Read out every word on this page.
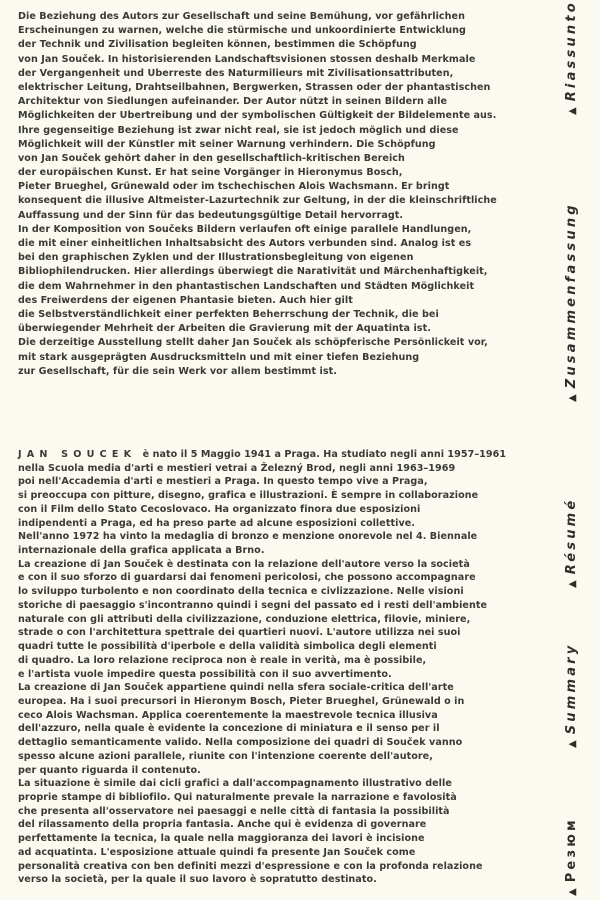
Die Beziehung des Autors zur Gesellschaft und seine Bemühung, vor gefährlichen
Erscheinungen zu warnen, welche die stürmische und unkoordinierte Entwicklung
der Technik und Zivilisation begleiten können, bestimmen die Schöpfung
von Jan Souček. In historisierenden Landschaftsvisionen stossen deshalb Merkmale
der Vergangenheit und Uberreste des Naturmilieurs mit Zivilisationsattributen,
elektrischer Leitung, Drahtseilbahnen, Bergwerken, Strassen oder der phantastischen
Architektur von Siedlungen aufeinander. Der Autor nützt in seinen Bildern alle
Möglichkeiten der Ubertreibung und der symbolischen Gültigkeit der Bildelemente aus.
Ihre gegenseitige Beziehung ist zwar nicht real, sie ist jedoch möglich und diese
Möglichkeit will der Künstler mit seiner Warnung verhindern. Die Schöpfung
von Jan Souček gehört daher in den gesellschaftlich-kritischen Bereich
der europäischen Kunst. Er hat seine Vorgänger in Hieronymus Bosch,
Pieter Brueghel, Grünewald oder im tschechischen Alois Wachsmann. Er bringt
konsequent die illusive Altmeister-Lazurtechnik zur Geltung, in der die kleinschriftliche
Auffassung und der Sinn für das bedeutungsgültige Detail hervorragt.
In der Komposition von Součeks Bildern verlaufen oft einige parallele Handlungen,
die mit einer einheitlichen Inhaltsabsicht des Autors verbunden sind. Analog ist es
bei den graphischen Zyklen und der Illustrationsbegleitung von eigenen
Bibliophilendrucken. Hier allerdings überwiegt die Narativität und Märchenhaftigkeit,
die dem Wahrnehmer in den phantastischen Landschaften und Städten Möglichkeit
des Freiwerdens der eigenen Phantasie bieten. Auch hier gilt
die Selbstverständlichkeit einer perfekten Beherrschung der Technik, die bei
überwiegender Mehrheit der Arbeiten die Gravierung mit der Aquatinta ist.
Die derzeitige Ausstellung stellt daher Jan Souček als schöpferische Persönlickeit vor,
mit stark ausgeprägten Ausdrucksmitteln und mit einer tiefen Beziehung
zur Gesellschaft, für die sein Werk vor allem bestimmt ist.
JAN SOUCEK è nato il 5 Maggio 1941 a Praga. Ha studiato negli anni 1957–1961
nella Scuola media d'arti e mestieri vetrai a Železný Brod, negli anni 1963–1969
poi nell'Accademia d'arti e mestieri a Praga. In questo tempo vive a Praga,
si preoccupa con pitture, disegno, grafica e illustrazioni. È sempre in collaborazione
con il Film dello Stato Cecoslovaco. Ha organizzato finora due esposizioni
indipendenti a Praga, ed ha preso parte ad alcune esposizioni collettive.
Nell'anno 1972 ha vinto la medaglia di bronzo e menzione onorevole nel 4. Biennale
internazionale della grafica applicata a Brno.
La creazione di Jan Souček è destinata con la relazione dell'autore verso la società
e con il suo sforzo di guardarsi dai fenomeni pericolosi, che possono accompagnare
lo sviluppo turbolento e non coordinato della tecnica e civlizzazione. Nelle visioni
storiche di paesaggio s'incontranno quindi i segni del passato ed i resti dell'ambiente
naturale con gli attributi della civilizzazione, conduzione elettrica, filovie, miniere,
strade o con l'architettura spettrale dei quartieri nuovi. L'autore utilizza nei suoi
quadri tutte le possibilità d'iperbole e della validità simbolica degli elementi
di quadro. La loro relazione reciproca non è reale in verità, ma è possibile,
e l'artista vuole impedire questa possibilità con il suo avvertimento.
La creazione di Jan Souček appartiene quindi nella sfera sociale-critica dell'arte
europea. Ha i suoi precursori in Hieronym Bosch, Pieter Brueghel, Grünewald o in
ceco Alois Wachsman. Applica coerentemente la maestrevole tecnica illusiva
dell'azzuro, nella quale è evidente la concezione di miniatura e il senso per il
dettaglio semanticamente valido. Nella composizione dei quadri di Souček vanno
spesso alcune azioni parallele, riunite con l'intenzione coerente dell'autore,
per quanto riguarda il contenuto.
La situazione è simile dai cicli grafici a dall'accompagnamento illustrativo delle
proprie stampe di bibliofilo. Qui naturalmente prevale la narrazione e favolosità
che presenta all'osservatore nei paesaggi e nelle città di fantasia la possibilità
del rilassamento della propria fantasia. Anche qui è evidenza di governare
perfettamente la tecnica, la quale nella maggioranza dei lavori è incisione
ad acquatinta. L'esposizione attuale quindi fa presente Jan Souček come
personalità creativa con ben definiti mezzi d'espressione e con la profonda relazione
verso la società, per la quale il suo lavoro è sopratutto destinato.
▲Riassunto
▲Zusammenfassung
▲Résumé
▲Summary
▲Резюм
